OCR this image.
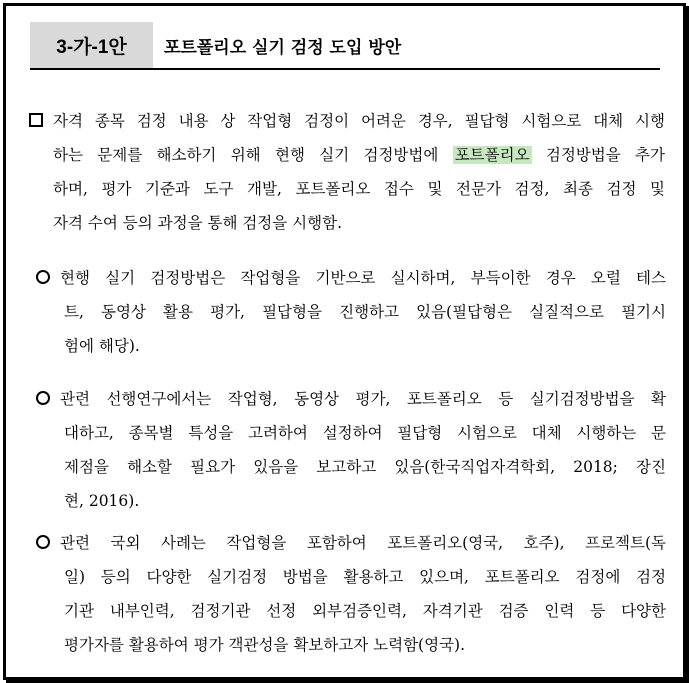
3-가-1안	포트폴리오 실기 검정 도입 방안
자격 종목 검정 내용 상 작업형 검정이 어려운 경우, 필답형 시험으로 대체 시행
하는 문제를 해소하기 위해 현행 실기 검정방법에 포트폴리오 검정방법을 추가
하며, 평가 기준과 도구 개발, 포트폴리오 접수 및 전문가 검정, 최종 검정 및
자격 수여 등의 과정을 통해 검정을 시행함.
현행 실기 검정방법은 작업형을 기반으로 실시하며, 부득이한 경우 오럴 테스
트, 동영상 활용 평가, 필답형을 진행하고 있음(필답형은 실질적으로 필기시
험에 해당).
관련 선행연구에서는 작업형, 동영상 평가, 포트폴리오 등 실기검정방법을 확
대하고, 종목별 특성을 고려하여 설정하여 필답형 시험으로 대체 시행하는 문
제점을 해소할 필요가 있음을 보고하고 있음(한국직업자격학회, 2018; 장진
현, 2016).
관련 국외 사례는 작업형을 포함하여 포트폴리오(영국, 호주), 프로젝트(독
일) 등의 다양한 실기검정 방법을 활용하고 있으며, 포트폴리오 검정에 검정
기관 내부인력, 검정기관 선정 외부검증인력, 자격기관 검증 인력 등 다양한
평가자를 활용하여 평가 객관성을 확보하고자 노력함(영국).
